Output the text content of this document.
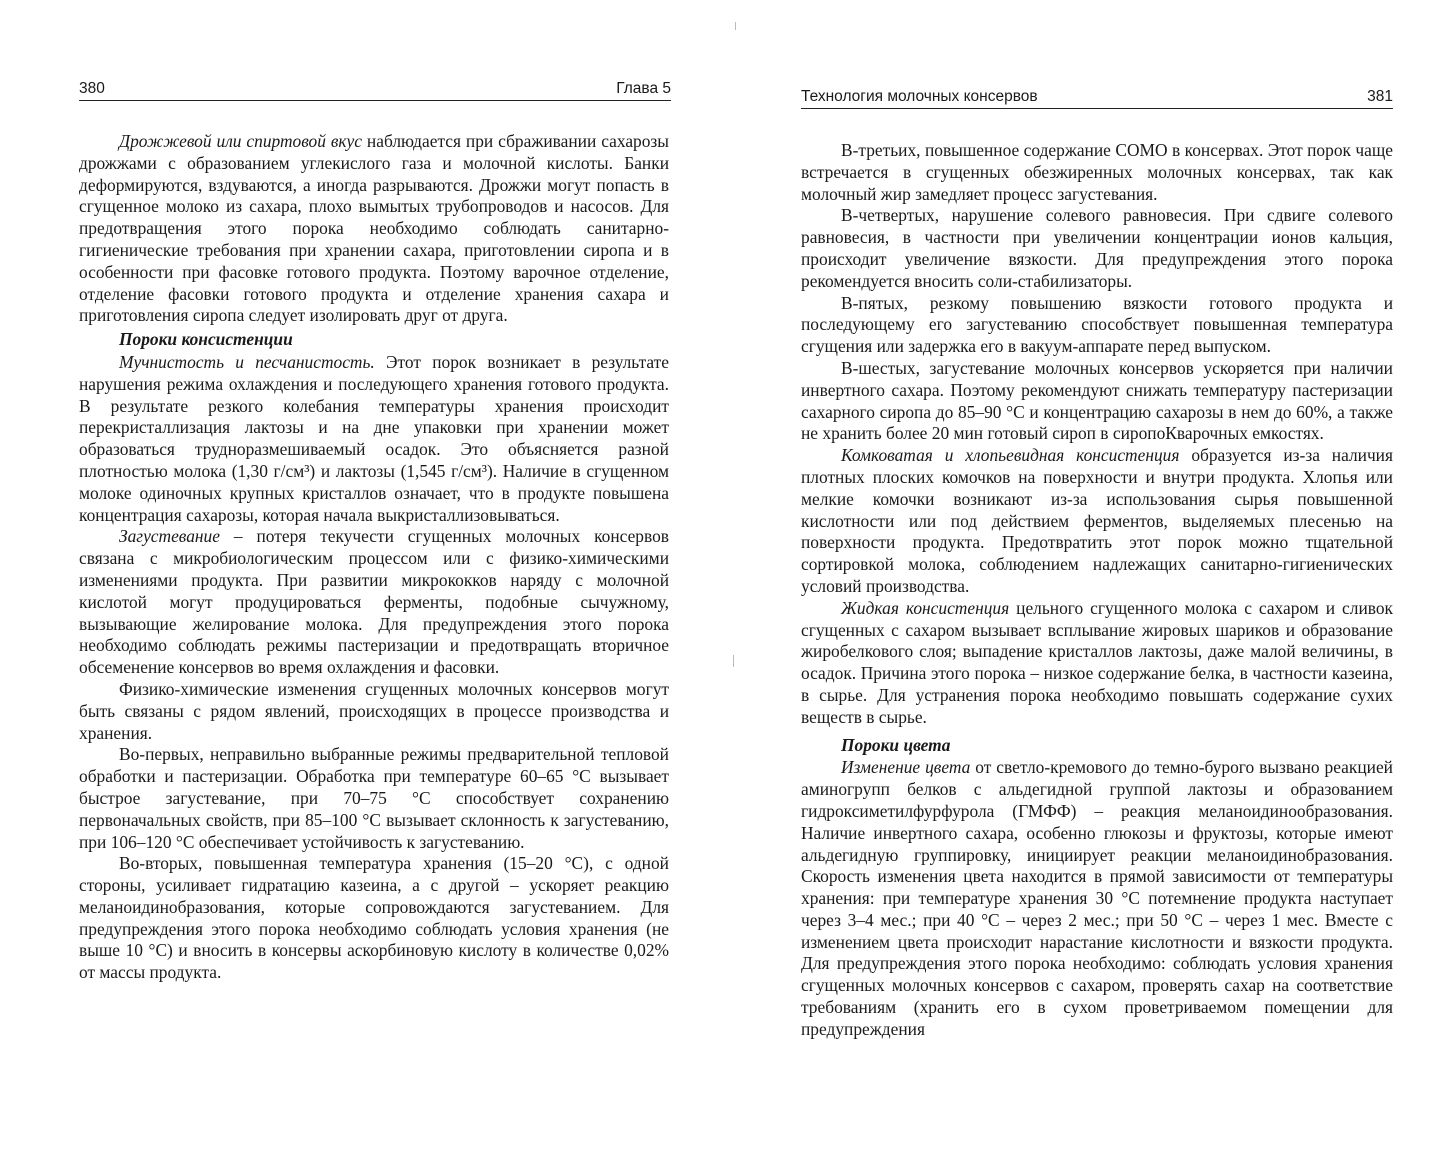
380	Глава 5

Дрожжевой или спиртовой вкус наблюдается при сбраживании сахарозы дрожжами с образованием углекислого газа и молочной кислоты. Банки деформируются, вздуваются, а иногда разрываются. Дрожжи могут попасть в сгущенное молоко из сахара, плохо вымытых трубопроводов и насосов. Для предотвращения этого порока необходимо соблюдать санитарно-гигиенические требования при хранении сахара, приготовлении сиропа и в особенности при фасовке готового продукта. Поэтому варочное отделение, отделение фасовки готового продукта и отделение хранения сахара и приготовления сиропа следует изолировать друг от друга.

Пороки консистенции

Мучнистость и песчанистость. Этот порок возникает в результате нарушения режима охлаждения и последующего хранения готового продукта. В результате резкого колебания температуры хранения происходит перекристаллизация лактозы и на дне упаковки при хранении может образоваться трудноразмешиваемый осадок. Это объясняется разной плотностью молока (1,30 г/см³) и лактозы (1,545 г/см³). Наличие в сгущенном молоке одиночных крупных кристаллов означает, что в продукте повышена концентрация сахарозы, которая начала выкристаллизовываться.

Загустевание – потеря текучести сгущенных молочных консервов связана с микробиологическим процессом или с физико-химическими изменениями продукта. При развитии микрококков наряду с молочной кислотой могут продуцироваться ферменты, подобные сычужному, вызывающие желирование молока. Для предупреждения этого порока необходимо соблюдать режимы пастеризации и предотвращать вторичное обсеменение консервов во время охлаждения и фасовки.

Физико-химические изменения сгущенных молочных консервов могут быть связаны с рядом явлений, происходящих в процессе производства и хранения.

Во-первых, неправильно выбранные режимы предварительной тепловой обработки и пастеризации. Обработка при температуре 60–65 °С вызывает быстрое загустевание, при 70–75 °С способствует сохранению первоначальных свойств, при 85–100 °С вызывает склонность к загустеванию, при 106–120 °С обеспечивает устойчивость к загустеванию.

Во-вторых, повышенная температура хранения (15–20 °С), с одной стороны, усиливает гидратацию казеина, а с другой – ускоряет реакцию меланоидинобразования, которые сопровождаются загустеванием. Для предупреждения этого порока необходимо соблюдать условия хранения (не выше 10 °С) и вносить в консервы аскорбиновую кислоту в количестве 0,02% от массы продукта.

Технология молочных консервов	381

В-третьих, повышенное содержание СОМО в консервах. Этот порок чаще встречается в сгущенных обезжиренных молочных консервах, так как молочный жир замедляет процесс загустевания.

В-четвертых, нарушение солевого равновесия. При сдвиге солевого равновесия, в частности при увеличении концентрации ионов кальция, происходит увеличение вязкости. Для предупреждения этого порока рекомендуется вносить соли-стабилизаторы.

В-пятых, резкому повышению вязкости готового продукта и последующему его загустеванию способствует повышенная температура сгущения или задержка его в вакуум-аппарате перед выпуском.

В-шестых, загустевание молочных консервов ускоряется при наличии инвертного сахара. Поэтому рекомендуют снижать температуру пастеризации сахарного сиропа до 85–90 °С и концентрацию сахарозы в нем до 60%, а также не хранить более 20 мин готовый сироп в сиропоКварочных емкостях.

Комковатая и хлопьевидная консистенция образуется из-за наличия плотных плоских комочков на поверхности и внутри продукта. Хлопья или мелкие комочки возникают из-за использования сырья повышенной кислотности или под действием ферментов, выделяемых плесенью на поверхности продукта. Предотвратить этот порок можно тщательной сортировкой молока, соблюдением надлежащих санитарно-гигиенических условий производства.

Жидкая консистенция цельного сгущенного молока с сахаром и сливок сгущенных с сахаром вызывает всплывание жировых шариков и образование жиробелкового слоя; выпадение кристаллов лактозы, даже малой величины, в осадок. Причина этого порока – низкое содержание белка, в частности казеина, в сырье. Для устранения порока необходимо повышать содержание сухих веществ в сырье.

Пороки цвета

Изменение цвета от светло-кремового до темно-бурого вызвано реакцией аминогрупп белков с альдегидной группой лактозы и образованием гидроксиметилфурфурола (ГМФФ) – реакция меланоидинообразования. Наличие инвертного сахара, особенно глюкозы и фруктозы, которые имеют альдегидную группировку, инициирует реакции меланоидинобразования. Скорость изменения цвета находится в прямой зависимости от температуры хранения: при температуре хранения 30 °С потемнение продукта наступает через 3–4 мес.; при 40 °С – через 2 мес.; при 50 °С – через 1 мес. Вместе с изменением цвета происходит нарастание кислотности и вязкости продукта. Для предупреждения этого порока необходимо: соблюдать условия хранения сгущенных молочных консервов с сахаром, проверять сахар на соответствие требованиям (хранить его в сухом проветриваемом помещении для предупреждения
